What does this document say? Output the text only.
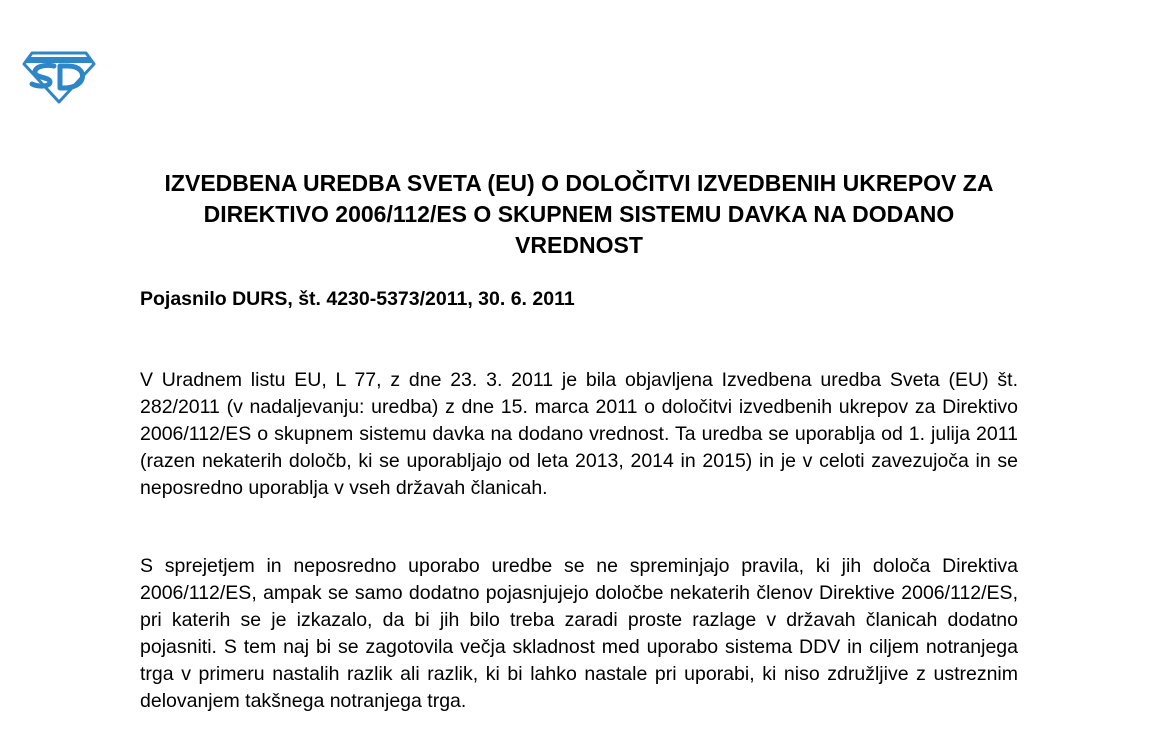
IZVEDBENA UREDBA SVETA (EU) O DOLOČITVI IZVEDBENIH UKREPOV ZA DIREKTIVO 2006/112/ES O SKUPNEM SISTEMU DAVKA NA DODANO VREDNOST

Pojasnilo DURS, št. 4230-5373/2011, 30. 6. 2011

V Uradnem listu EU, L 77, z dne 23. 3. 2011 je bila objavljena Izvedbena uredba Sveta (EU) št. 282/2011 (v nadaljevanju: uredba) z dne 15. marca 2011 o določitvi izvedbenih ukrepov za Direktivo 2006/112/ES o skupnem sistemu davka na dodano vrednost. Ta uredba se uporablja od 1. julija 2011 (razen nekaterih določb, ki se uporabljajo od leta 2013, 2014 in 2015) in je v celoti zavezujoča in se neposredno uporablja v vseh državah članicah.

S sprejetjem in neposredno uporabo uredbe se ne spreminjajo pravila, ki jih določa Direktiva 2006/112/ES, ampak se samo dodatno pojasnjujejo določbe nekaterih členov Direktive 2006/112/ES, pri katerih se je izkazalo, da bi jih bilo treba zaradi proste razlage v državah članicah dodatno pojasniti. S tem naj bi se zagotovila večja skladnost med uporabo sistema DDV in ciljem notranjega trga v primeru nastalih razlik ali razlik, ki bi lahko nastale pri uporabi, ki niso združljive z ustreznim delovanjem takšnega notranjega trga.
